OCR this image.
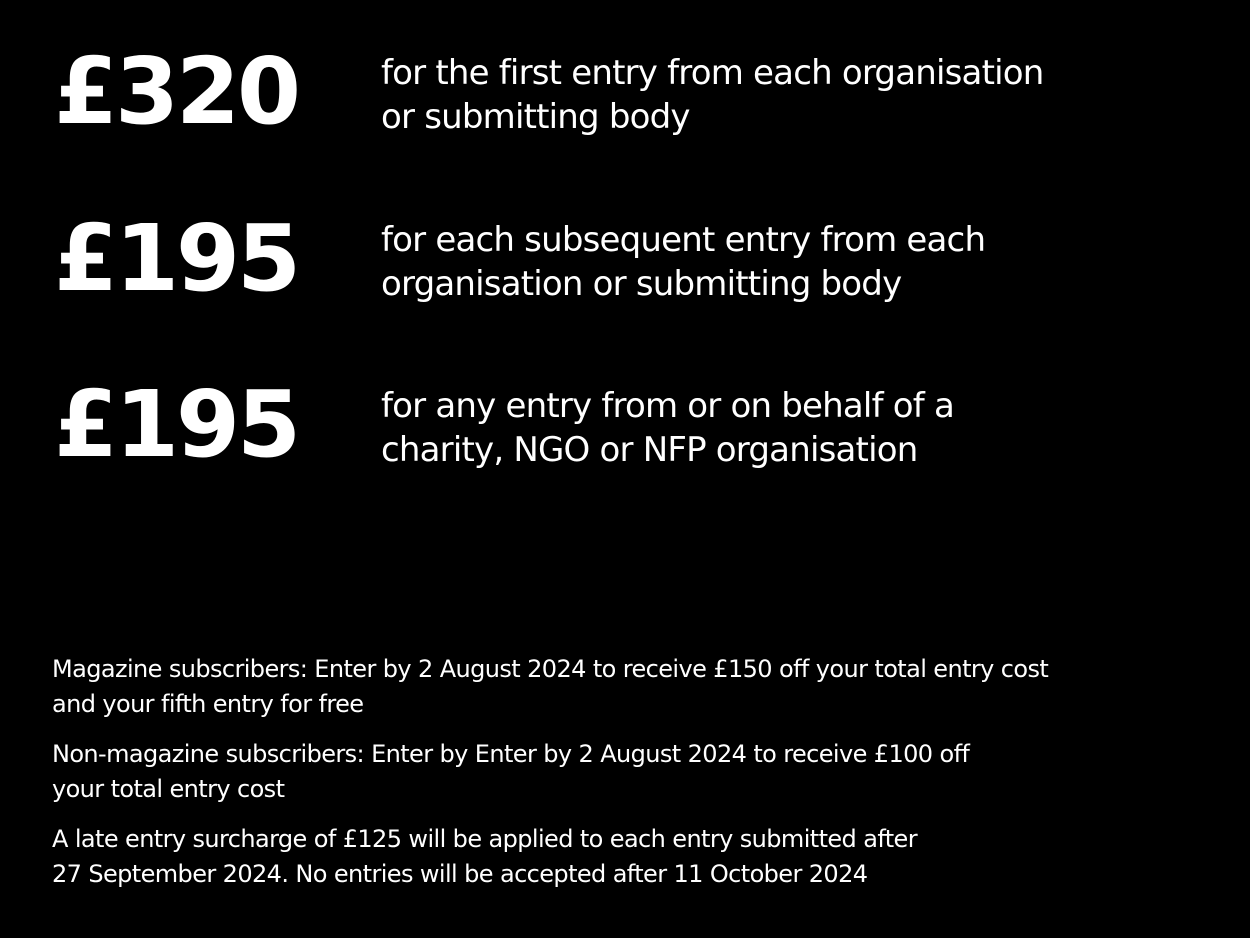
£320 for the first entry from each organisation
or submitting body
£195 for each subsequent entry from each
organisation or submitting body
£195 for any entry from or on behalf of a
charity, NGO or NFP organisation

Magazine subscribers: Enter by 2 August 2024 to receive £150 off your total entry cost
and your fifth entry for free

Non-magazine subscribers: Enter by Enter by 2 August 2024 to receive £100 off
your total entry cost

A late entry surcharge of £125 will be applied to each entry submitted after
27 September 2024. No entries will be accepted after 11 October 2024
